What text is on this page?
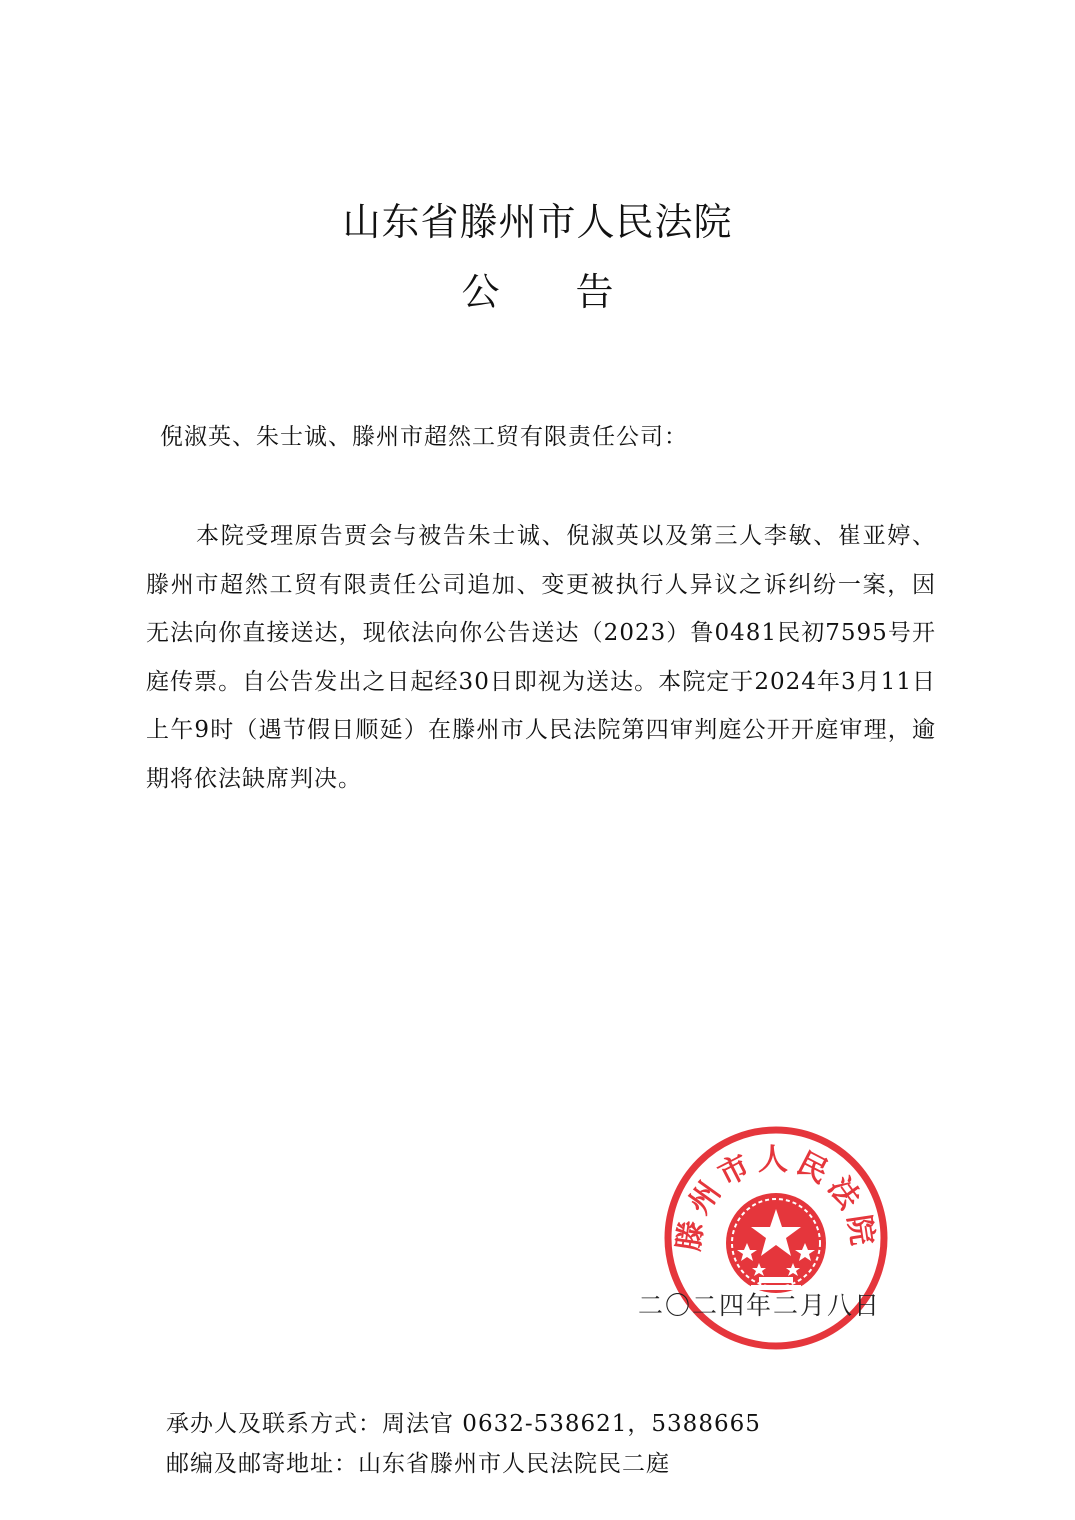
山东省滕州市人民法院
公　　告
倪淑英、朱士诚、滕州市超然工贸有限责任公司：

本院受理原告贾会与被告朱士诚、倪淑英以及第三人李敏、崔亚婷、滕州市超然工贸有限责任公司追加、变更被执行人异议之诉纠纷一案，因无法向你直接送达，现依法向你公告送达（2023）鲁0481民初7595号开庭传票。自公告发出之日起经30日即视为送达。本院定于2024年3月11日上午9时（遇节假日顺延）在滕州市人民法院第四审判庭公开开庭审理，逾期将依法缺席判决。

滕州市人民法院
二〇二四年二月八日
承办人及联系方式：周法官 0632-538621，5388665
邮编及邮寄地址：山东省滕州市人民法院民二庭
